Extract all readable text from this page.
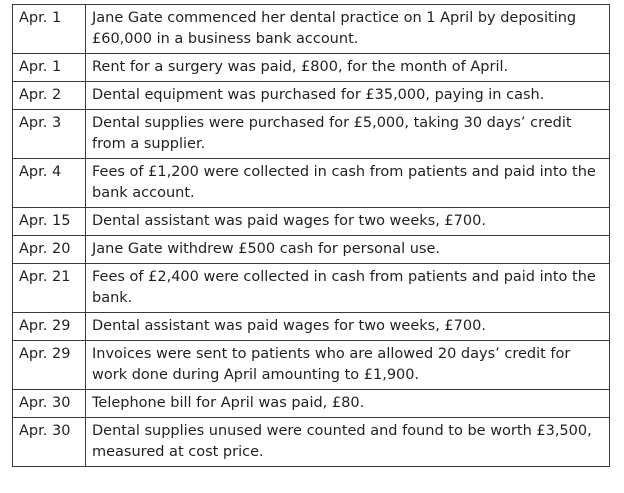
Apr. 1	Jane Gate commenced her dental practice on 1 April by depositing £60,000 in a business bank account.
Apr. 1	Rent for a surgery was paid, £800, for the month of April.
Apr. 2	Dental equipment was purchased for £35,000, paying in cash.
Apr. 3	Dental supplies were purchased for £5,000, taking 30 days’ credit from a supplier.
Apr. 4	Fees of £1,200 were collected in cash from patients and paid into the bank account.
Apr. 15	Dental assistant was paid wages for two weeks, £700.
Apr. 20	Jane Gate withdrew £500 cash for personal use.
Apr. 21	Fees of £2,400 were collected in cash from patients and paid into the bank.
Apr. 29	Dental assistant was paid wages for two weeks, £700.
Apr. 29	Invoices were sent to patients who are allowed 20 days’ credit for work done during April amounting to £1,900.
Apr. 30	Telephone bill for April was paid, £80.
Apr. 30	Dental supplies unused were counted and found to be worth £3,500, measured at cost price.
